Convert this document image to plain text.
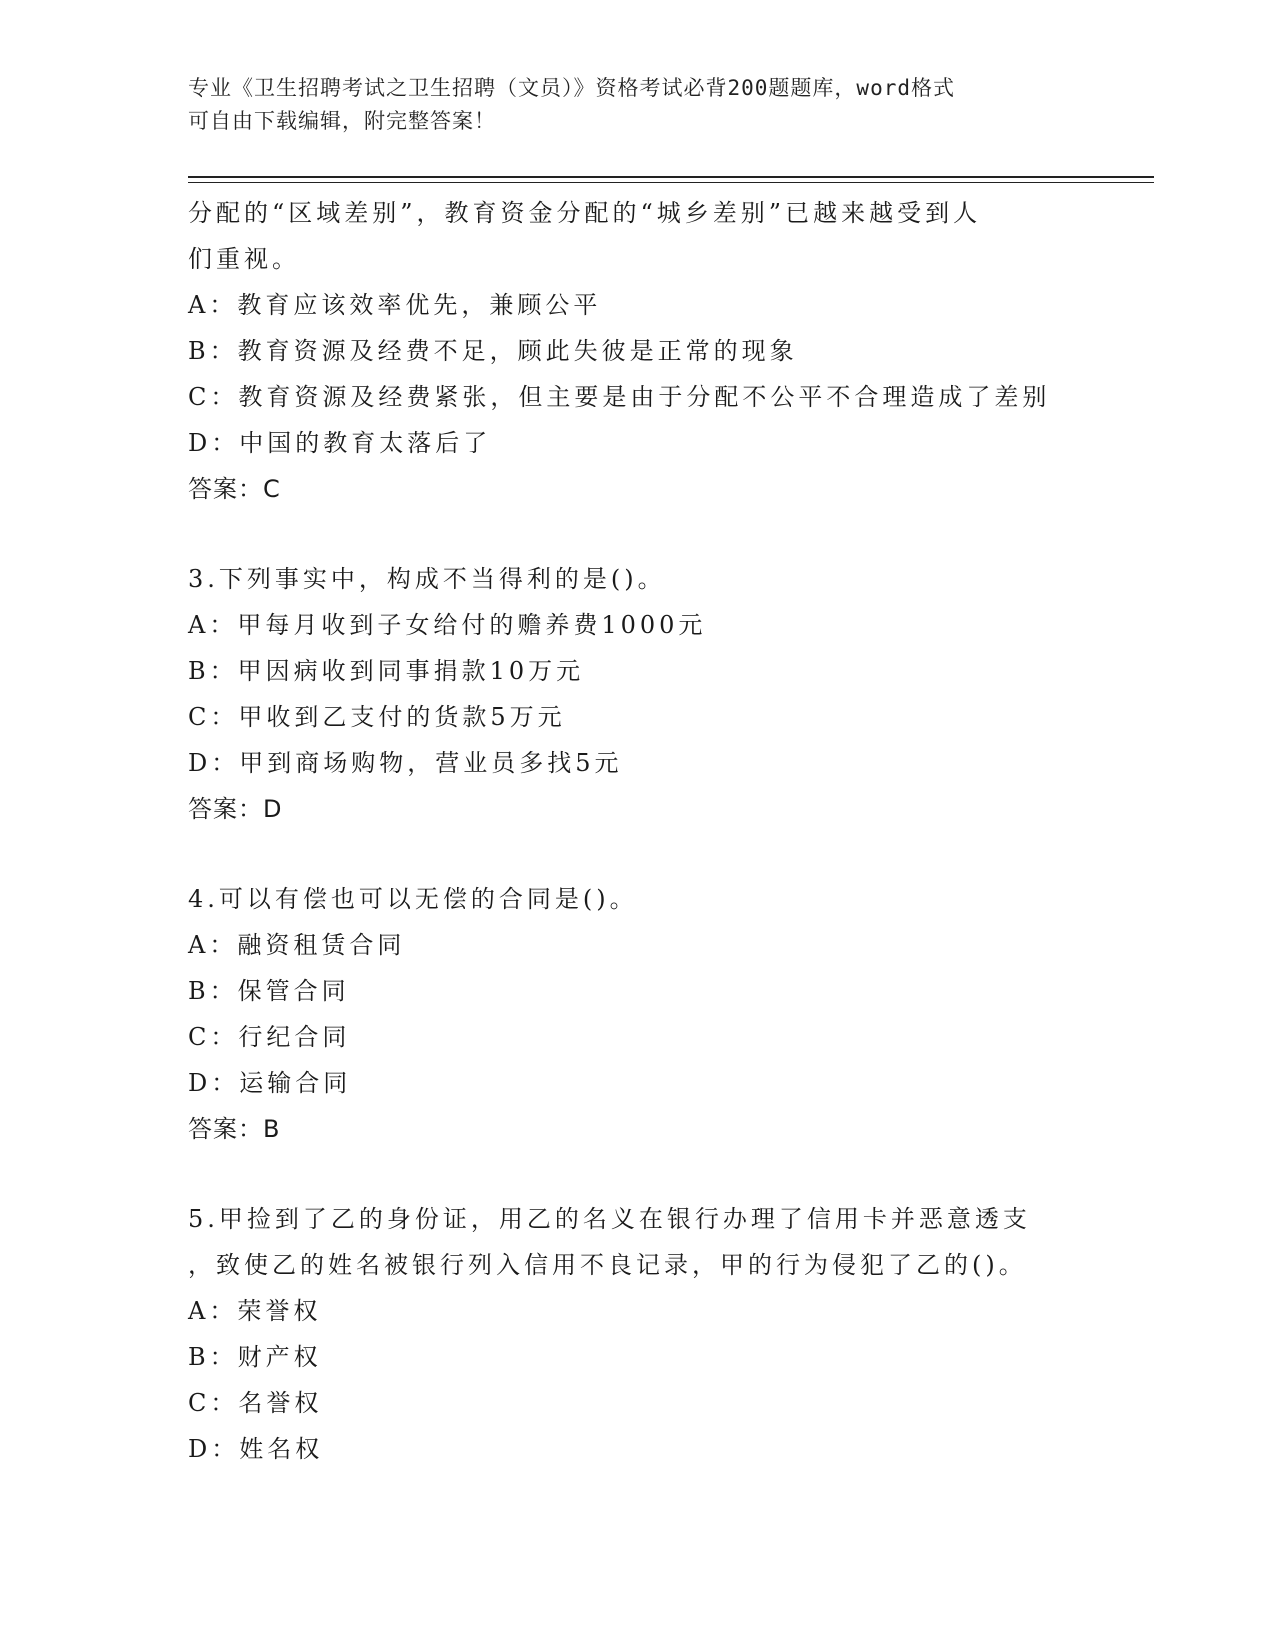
专业《卫生招聘考试之卫生招聘（文员）》资格考试必背200题题库，word格式
可自由下载编辑，附完整答案！
分配的“区域差别”，教育资金分配的“城乡差别”已越来越受到人
们重视。
A：教育应该效率优先，兼顾公平
B：教育资源及经费不足，顾此失彼是正常的现象
C：教育资源及经费紧张，但主要是由于分配不公平不合理造成了差别
D：中国的教育太落后了
答案：C
3.下列事实中，构成不当得利的是()。
A：甲每月收到子女给付的赡养费1000元
B：甲因病收到同事捐款10万元
C：甲收到乙支付的货款5万元
D：甲到商场购物，营业员多找5元
答案：D
4.可以有偿也可以无偿的合同是()。
A：融资租赁合同
B：保管合同
C：行纪合同
D：运输合同
答案：B
5.甲捡到了乙的身份证，用乙的名义在银行办理了信用卡并恶意透支
，致使乙的姓名被银行列入信用不良记录，甲的行为侵犯了乙的()。
A：荣誉权
B：财产权
C：名誉权
D：姓名权
